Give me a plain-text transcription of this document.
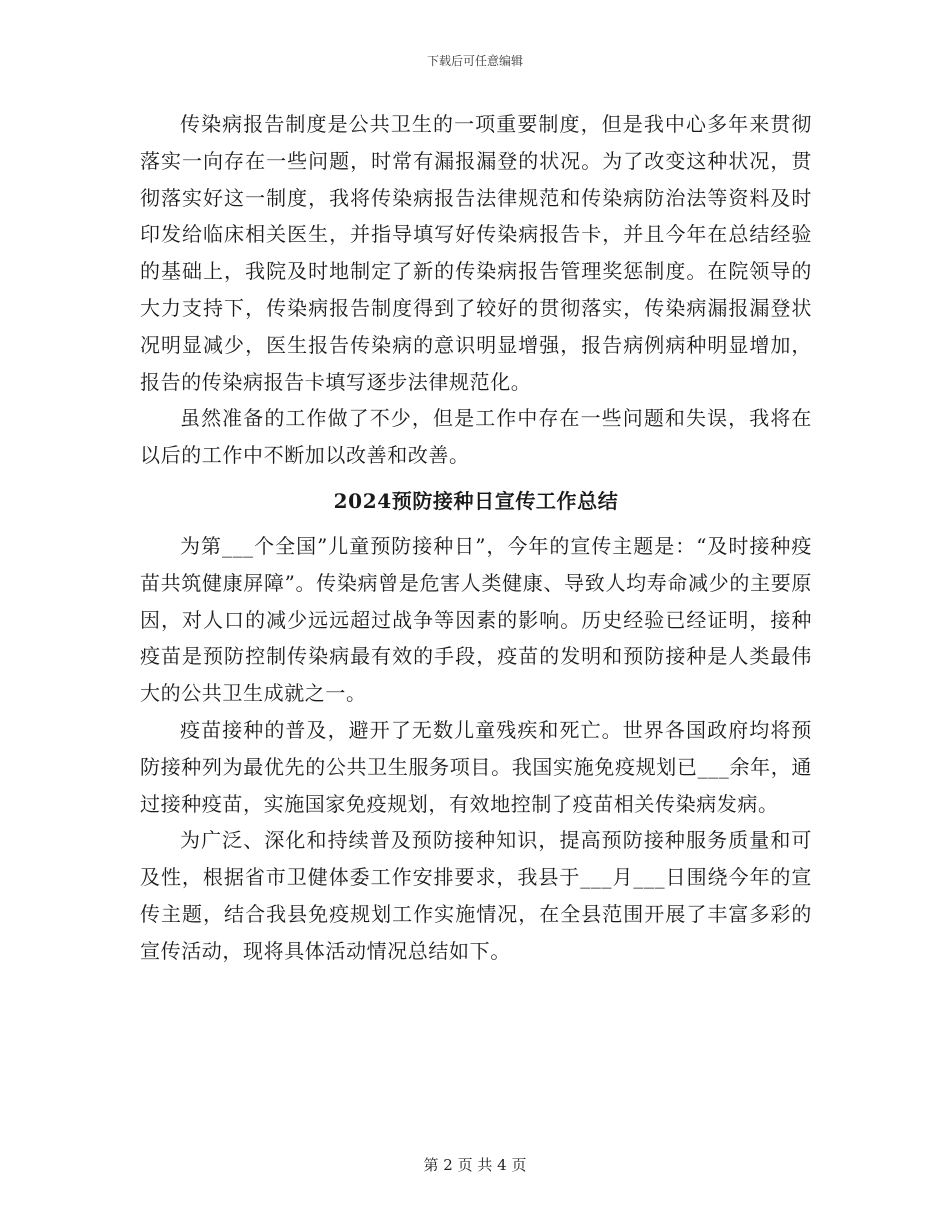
下载后可任意编辑

传染病报告制度是公共卫生的一项重要制度，但是我中心多年来贯彻落实一向存在一些问题，时常有漏报漏登的状况。为了改变这种状况，贯彻落实好这一制度，我将传染病报告法律规范和传染病防治法等资料及时印发给临床相关医生，并指导填写好传染病报告卡，并且今年在总结经验的基础上，我院及时地制定了新的传染病报告管理奖惩制度。在院领导的大力支持下，传染病报告制度得到了较好的贯彻落实，传染病漏报漏登状况明显减少，医生报告传染病的意识明显增强，报告病例病种明显增加，报告的传染病报告卡填写逐步法律规范化。

虽然准备的工作做了不少，但是工作中存在一些问题和失误，我将在以后的工作中不断加以改善和改善。

2024预防接种日宣传工作总结

为第___个全国”儿童预防接种日”，今年的宣传主题是：“及时接种疫苗共筑健康屏障”。传染病曾是危害人类健康、导致人均寿命减少的主要原因，对人口的减少远远超过战争等因素的影响。历史经验已经证明，接种疫苗是预防控制传染病最有效的手段，疫苗的发明和预防接种是人类最伟大的公共卫生成就之一。

疫苗接种的普及，避开了无数儿童残疾和死亡。世界各国政府均将预防接种列为最优先的公共卫生服务项目。我国实施免疫规划已___余年，通过接种疫苗，实施国家免疫规划，有效地控制了疫苗相关传染病发病。

为广泛、深化和持续普及预防接种知识，提高预防接种服务质量和可及性，根据省市卫健体委工作安排要求，我县于___月___日围绕今年的宣传主题，结合我县免疫规划工作实施情况，在全县范围开展了丰富多彩的宣传活动，现将具体活动情况总结如下。

第 2 页 共 4 页
